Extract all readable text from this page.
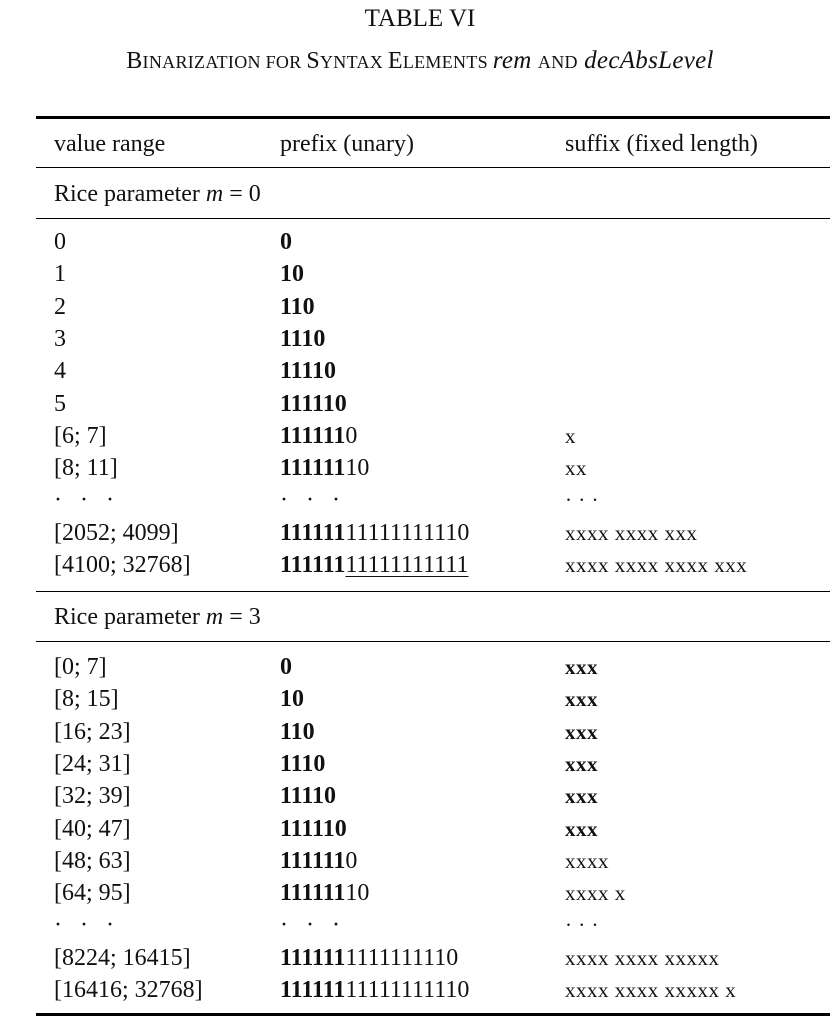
TABLE VI
BINARIZATION FOR SYNTAX ELEMENTS rem AND decAbsLevel
value range	prefix (unary)	suffix (fixed length)
Rice parameter m = 0
0	0
1	10
2	110
3	1110
4	11110
5	111110
[6; 7]	1111110	x
[8; 11]	11111110	xx
· · ·	· · ·	· · ·
[2052; 4099]	11111111111111110	xxxx xxxx xxx
[4100; 32768]	11111111111111111	xxxx xxxx xxxx xxx
Rice parameter m = 3
[0; 7]	0	xxx
[8; 15]	10	xxx
[16; 23]	110	xxx
[24; 31]	1110	xxx
[32; 39]	11110	xxx
[40; 47]	111110	xxx
[48; 63]	1111110	xxxx
[64; 95]	11111110	xxxx x
· · ·	· · ·	· · ·
[8224; 16415]	1111111111111110	xxxx xxxx xxxxx
[16416; 32768]	11111111111111110	xxxx xxxx xxxxx x
